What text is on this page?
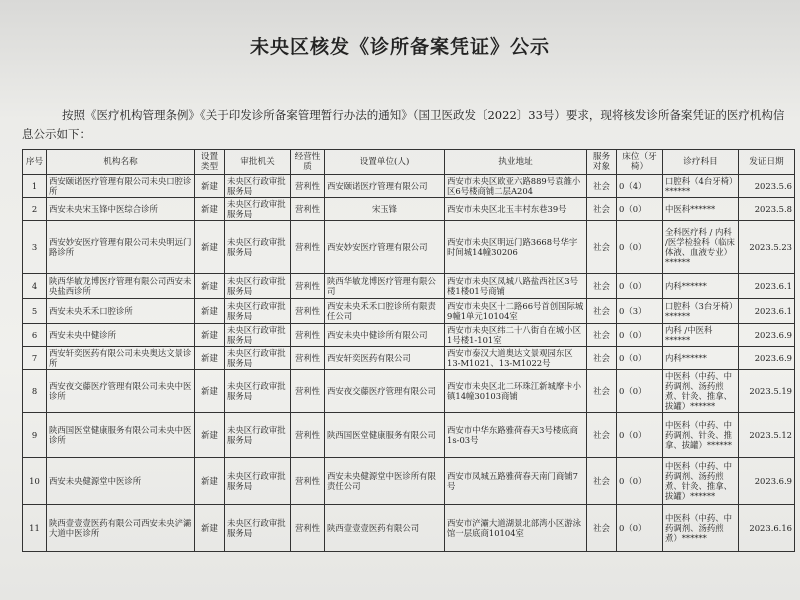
未央区核发《诊所备案凭证》公示
按照《医疗机构管理条例》《关于印发诊所备案管理暂行办法的通知》（国卫医政发〔2022〕33号）要求，现将核发诊所备案凭证的医疗机构信息公示如下：
序号	机构名称	设置类型	审批机关	经营性质	设置单位(人)	执业地址	服务对象	床位（牙椅）	诊疗科目	发证日期
1	西安颐诺医疗管理有限公司未央口腔诊所	新建	未央区行政审批服务局	营利性	西安颐诺医疗管理有限公司	西安市未央区欧亚六路889号袁雒小区6号楼商铺二层A204	社会	0（4）	口腔科（4台牙椅）******	2023.5.6
2	西安未央宋玉锋中医综合诊所	新建	未央区行政审批服务局	营利性	宋玉锋	西安市未央区北玉丰村东巷39号	社会	0（0）	中医科******	2023.5.8
3	西安妙安医疗管理有限公司未央明远门路诊所	新建	未央区行政审批服务局	营利性	西安妙安医疗管理有限公司	西安市未央区明远门路3668号华宇时间城14幢30206	社会	0（0）	全科医疗科 / 内科 /医学检验科（临床体液、血液专业）******	2023.5.23
4	陕西华敏龙博医疗管理有限公司西安未央盐西诊所	新建	未央区行政审批服务局	营利性	陕西华敏龙博医疗管理有限公司	西安市未央区凤城八路盐西社区3号楼1楼01号商铺	社会	0（0）	内科******	2023.6.1
5	西安未央禾禾口腔诊所	新建	未央区行政审批服务局	营利性	西安未央禾禾口腔诊所有限责任公司	西安市未央区十二路66号首创国际城9幢1单元10104室	社会	0（3）	口腔科（3台牙椅）******	2023.6.1
6	西安未央中健诊所	新建	未央区行政审批服务局	营利性	西安未央中健诊所有限公司	西安市未央区纬二十八街自在城小区1号楼1-101室	社会	0（0）	内科 /中医科******	2023.6.9
7	西安轩奕医药有限公司未央奥达文景诊所	新建	未央区行政审批服务局	营利性	西安轩奕医药有限公司	西安市泰汉大道奥达文景观园东区13-M1021、13-M1022号	社会	0（0）	内科******	2023.6.9
8	西安夜交藤医疗管理有限公司未央中医诊所	新建	未央区行政审批服务局	营利性	西安夜交藤医疗管理有限公司	西安市未央区北二环珠江新城摩卡小镇14幢30103商铺	社会	0（0）	中医科（中药、中药调剂、汤药煎煮、针灸、推拿、拔罐）******	2023.5.19
9	陕西国医堂健康服务有限公司未央中医诊所	新建	未央区行政审批服务局	营利性	陕西国医堂健康服务有限公司	西安市中华东路雅荷春天3号楼底商1s-03号	社会	0（0）	中医科（中药、中药调剂、针灸、推拿、拔罐）******	2023.5.12
10	西安未央健源堂中医诊所	新建	未央区行政审批服务局	营利性	西安未央健源堂中医诊所有限责任公司	西安市凤城五路雅荷春天南门商铺7号	社会	0（0）	中医科（中药、中药调剂、汤药煎煮、针灸、推拿、拔罐）******	2023.6.9
11	陕西壹壹壹医药有限公司西安未央浐灞大道中医诊所	新建	未央区行政审批服务局	营利性	陕西壹壹壹医药有限公司	西安市浐灞大道湖景北部湾小区游泳馆一层底商10104室	社会	0（0）	中医科（中药、中药调剂、汤药煎煮）******	2023.6.16
